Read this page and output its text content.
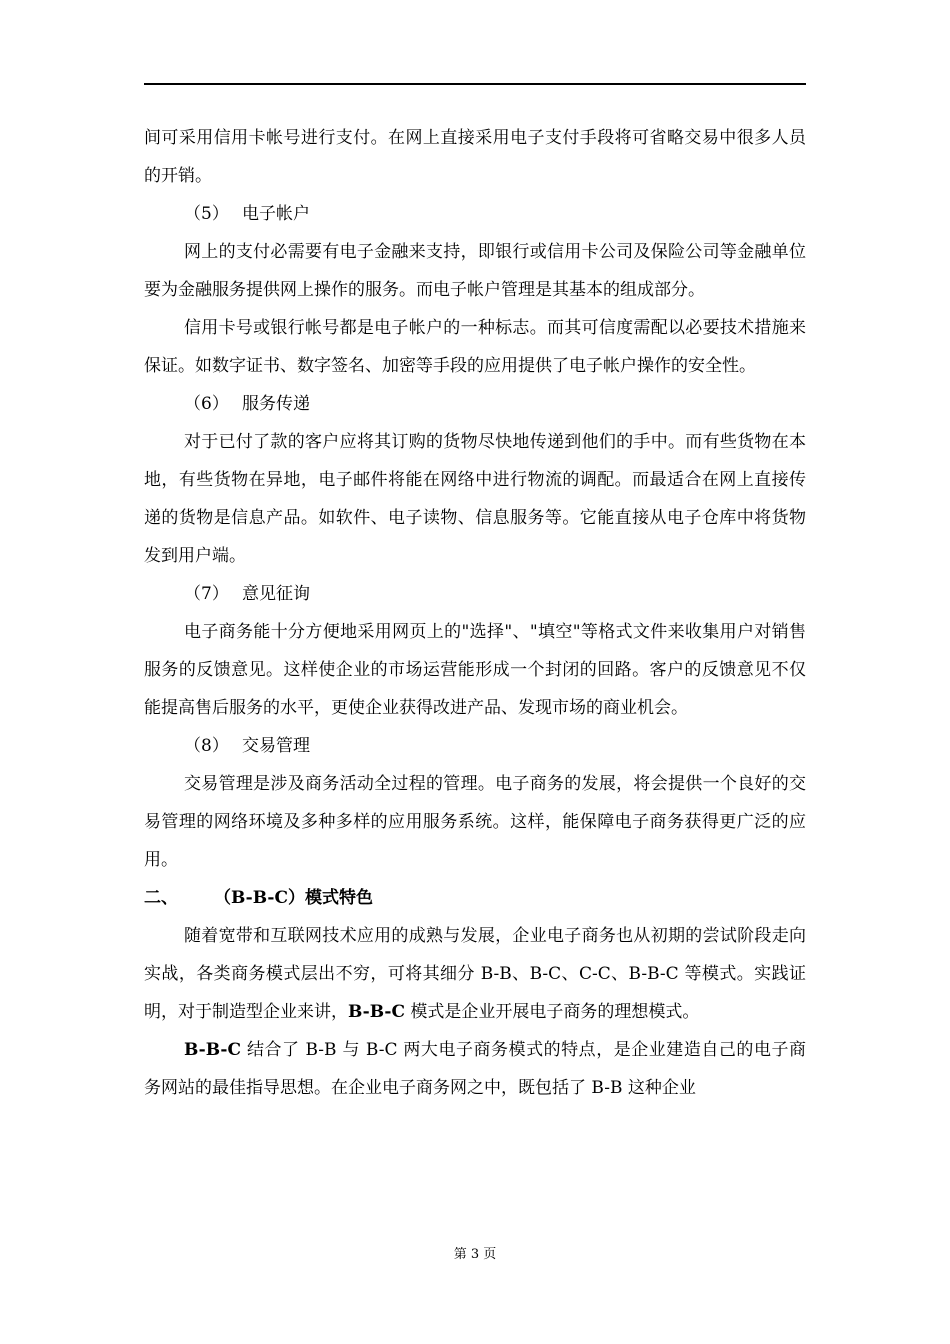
间可采用信用卡帐号进行支付。在网上直接采用电子支付手段将可省略交易中很多人员的开销。
（5） 电子帐户
网上的支付必需要有电子金融来支持，即银行或信用卡公司及保险公司等金融单位要为金融服务提供网上操作的服务。而电子帐户管理是其基本的组成部分。
信用卡号或银行帐号都是电子帐户的一种标志。而其可信度需配以必要技术措施来保证。如数字证书、数字签名、加密等手段的应用提供了电子帐户操作的安全性。
（6） 服务传递
对于已付了款的客户应将其订购的货物尽快地传递到他们的手中。而有些货物在本地，有些货物在异地，电子邮件将能在网络中进行物流的调配。而最适合在网上直接传递的货物是信息产品。如软件、电子读物、信息服务等。它能直接从电子仓库中将货物发到用户端。
（7） 意见征询
电子商务能十分方便地采用网页上的"选择"、"填空"等格式文件来收集用户对销售服务的反馈意见。这样使企业的市场运营能形成一个封闭的回路。客户的反馈意见不仅能提高售后服务的水平，更使企业获得改进产品、发现市场的商业机会。
（8） 交易管理
交易管理是涉及商务活动全过程的管理。电子商务的发展，将会提供一个良好的交易管理的网络环境及多种多样的应用服务系统。这样，能保障电子商务获得更广泛的应用。
二、 （B-B-C）模式特色
随着宽带和互联网技术应用的成熟与发展，企业电子商务也从初期的尝试阶段走向实战，各类商务模式层出不穷，可将其细分 B-B、B-C、C-C、B-B-C 等模式。实践证明，对于制造型企业来讲，B-B-C 模式是企业开展电子商务的理想模式。
B-B-C 结合了 B-B 与 B-C 两大电子商务模式的特点，是企业建造自己的电子商务网站的最佳指导思想。在企业电子商务网之中，既包括了 B-B 这种企业
第 3 页
